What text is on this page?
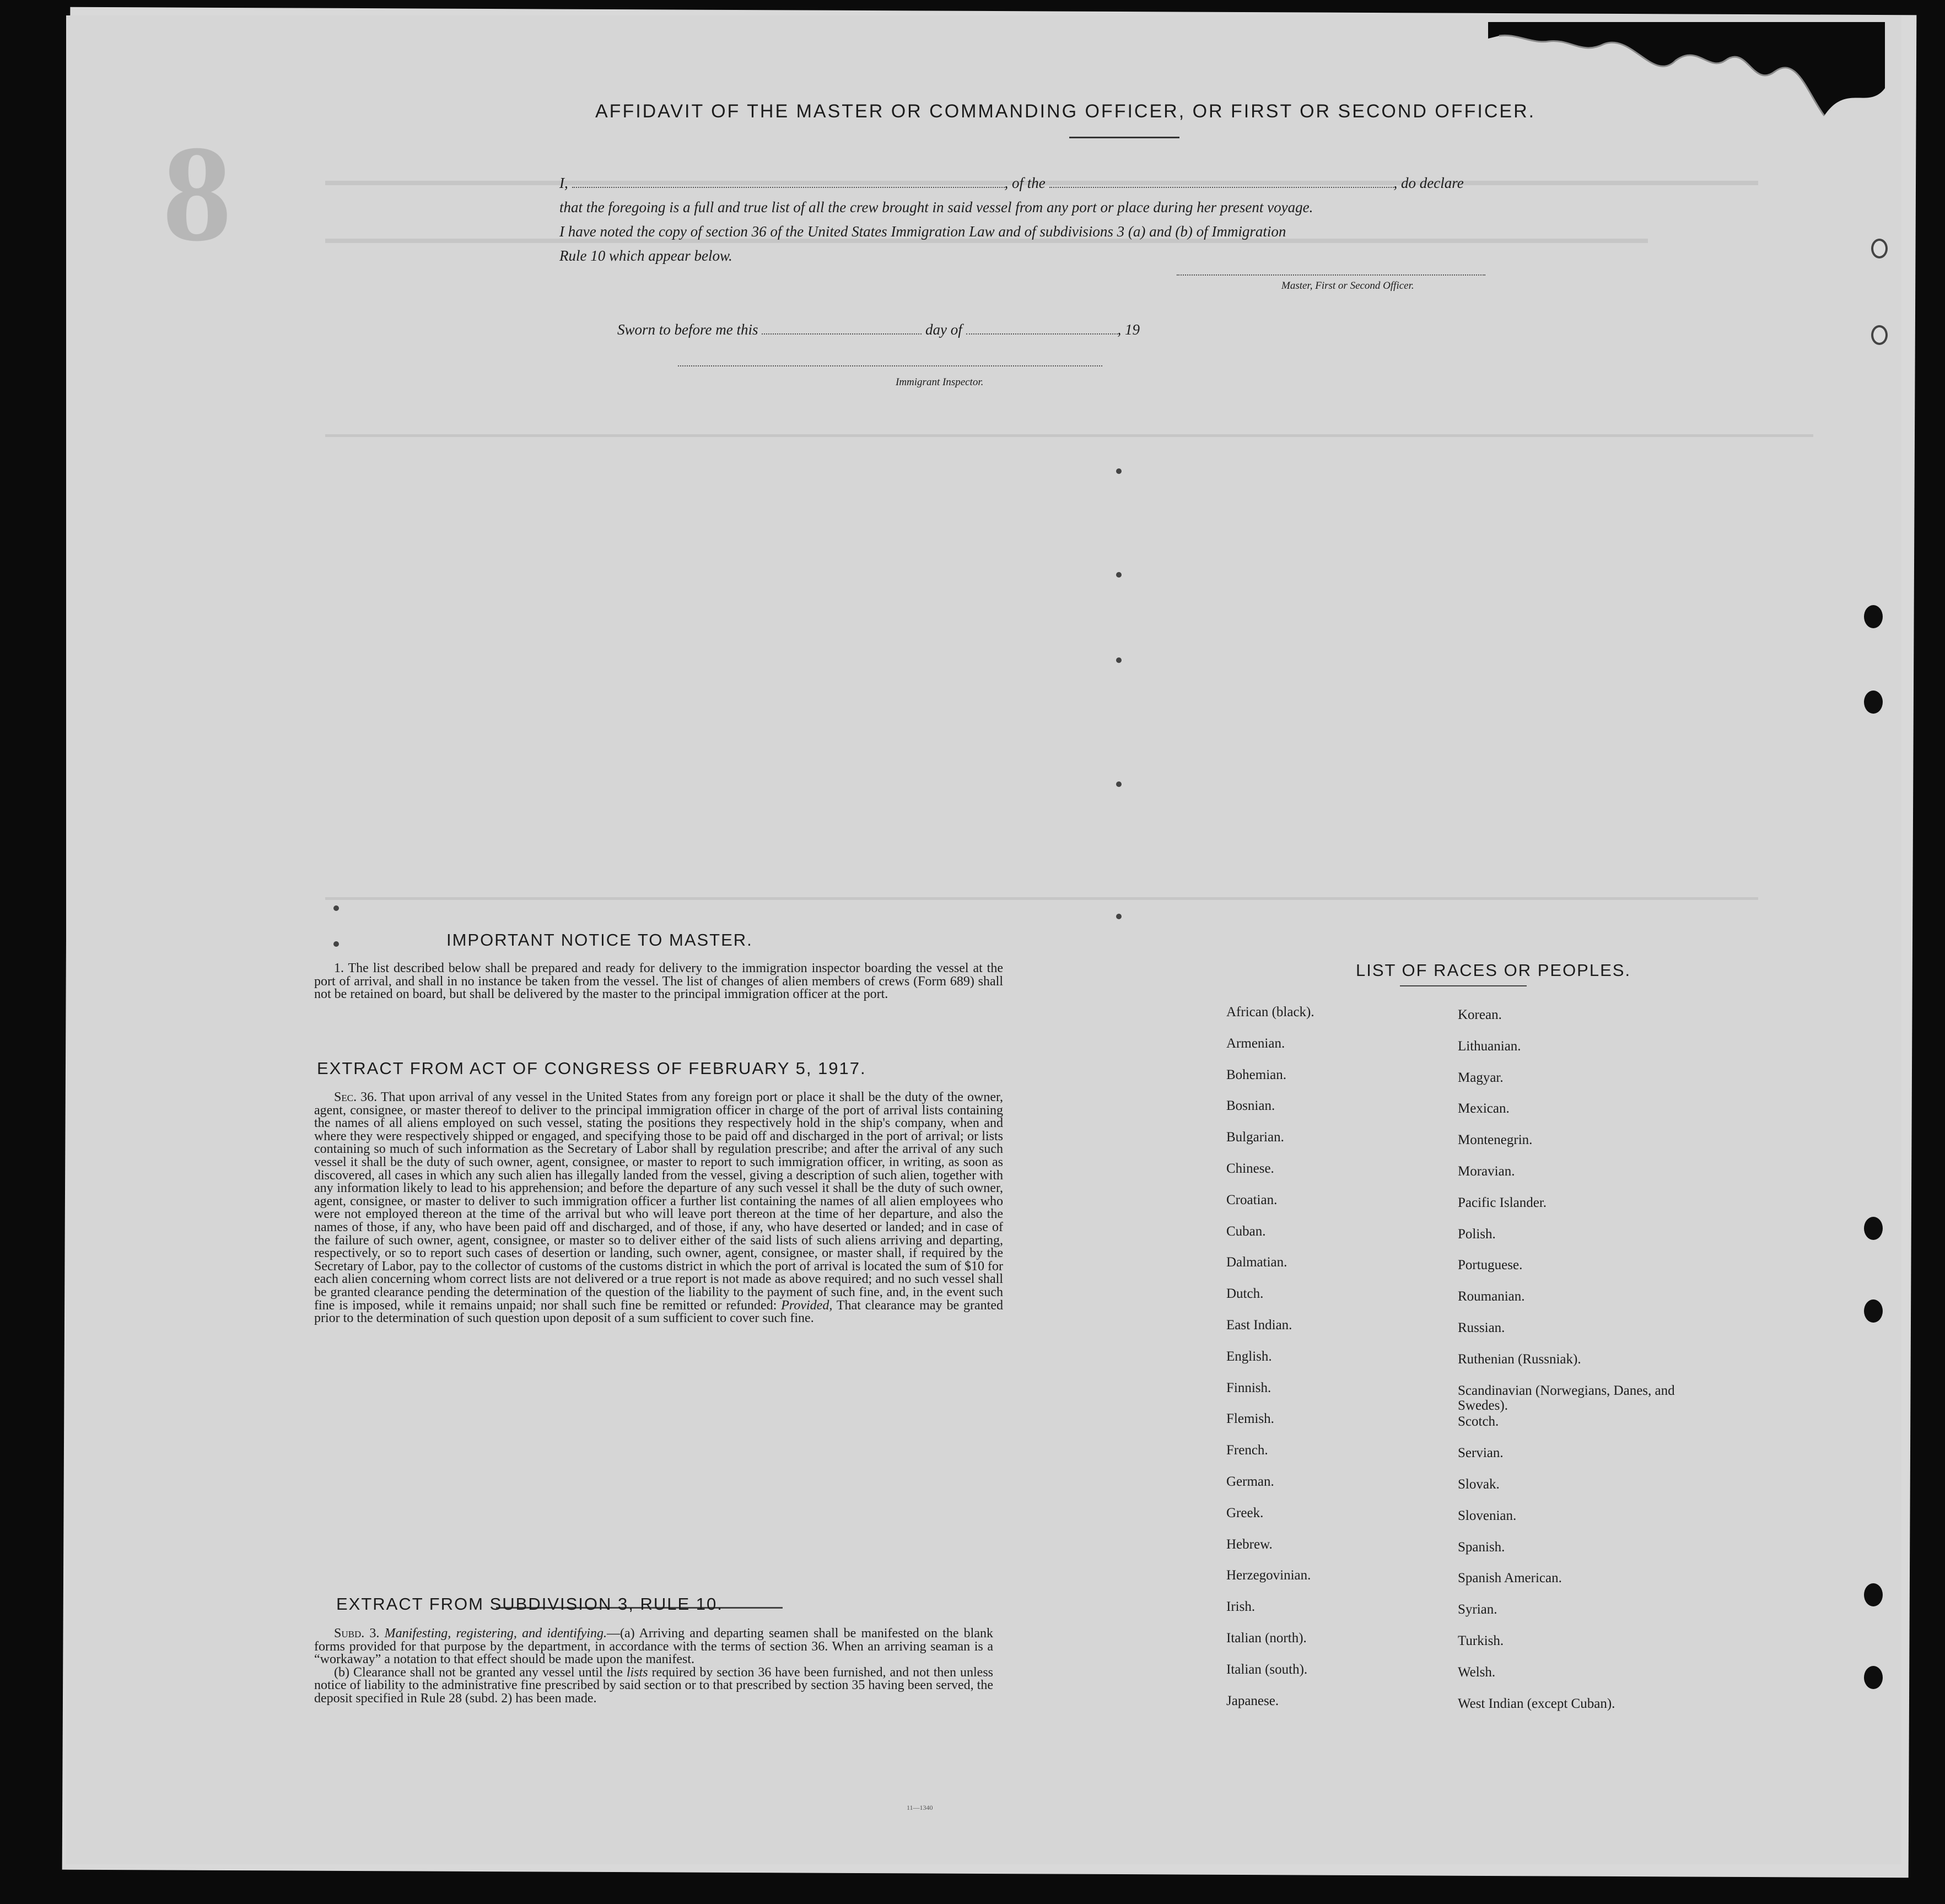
8
AFFIDAVIT OF THE MASTER OR COMMANDING OFFICER, OR FIRST OR SECOND OFFICER.
I,	, of the	, do declare
that the foregoing is a full and true list of all the crew brought in said vessel from any port or place during her present voyage.
I have noted the copy of section 36 of the United States Immigration Law and of subdivisions 3 (a) and (b) of Immigration
Rule 10 which appear below.
Master, First or Second Officer.
Sworn to before me this	day of	, 19
Immigrant Inspector.
IMPORTANT NOTICE TO MASTER.

1. The list described below shall be prepared and ready for delivery to the immigration inspector boarding the vessel at the port of arrival, and shall in no instance be taken from the vessel. The list of changes of alien members of crews (Form 689) shall not be retained on board, but shall be delivered by the master to the principal immigration officer at the port.

EXTRACT FROM ACT OF CONGRESS OF FEBRUARY 5, 1917.

Sec. 36. That upon arrival of any vessel in the United States from any foreign port or place it shall be the duty of the owner, agent, consignee, or master thereof to deliver to the principal immigration officer in charge of the port of arrival lists containing the names of all aliens employed on such vessel, stating the positions they respectively hold in the ship's company, when and where they were respectively shipped or engaged, and specifying those to be paid off and discharged in the port of arrival; or lists containing so much of such information as the Secretary of Labor shall by regulation prescribe; and after the arrival of any such vessel it shall be the duty of such owner, agent, consignee, or master to report to such immigration officer, in writing, as soon as discovered, all cases in which any such alien has illegally landed from the vessel, giving a description of such alien, together with any information likely to lead to his apprehension; and before the departure of any such vessel it shall be the duty of such owner, agent, consignee, or master to deliver to such immigration officer a further list containing the names of all alien employees who were not employed thereon at the time of the arrival but who will leave port thereon at the time of her departure, and also the names of those, if any, who have been paid off and discharged, and of those, if any, who have deserted or landed; and in case of the failure of such owner, agent, consignee, or master so to deliver either of the said lists of such aliens arriving and departing, respectively, or so to report such cases of desertion or landing, such owner, agent, consignee, or master shall, if required by the Secretary of Labor, pay to the collector of customs of the customs district in which the port of arrival is located the sum of $10 for each alien concerning whom correct lists are not delivered or a true report is not made as above required; and no such vessel shall be granted clearance pending the determination of the question of the liability to the payment of such fine, and, in the event such fine is imposed, while it remains unpaid; nor shall such fine be remitted or refunded: Provided, That clearance may be granted prior to the determination of such question upon deposit of a sum sufficient to cover such fine.

EXTRACT FROM SUBDIVISION 3, RULE 10.

Subd. 3. Manifesting, registering, and identifying.—(a) Arriving and departing seamen shall be manifested on the blank forms provided for that purpose by the department, in accordance with the terms of section 36. When an arriving seaman is a “workaway” a notation to that effect should be made upon the manifest.

(b) Clearance shall not be granted any vessel until the lists required by section 36 have been furnished, and not then unless notice of liability to the administrative fine prescribed by said section or to that prescribed by section 35 having been served, the deposit specified in Rule 28 (subd. 2) has been made.

11—1340
LIST OF RACES OR PEOPLES.
African (black).
Armenian.
Bohemian.
Bosnian.
Bulgarian.
Chinese.
Croatian.
Cuban.
Dalmatian.
Dutch.
East Indian.
English.
Finnish.
Flemish.
French.
German.
Greek.
Hebrew.
Herzegovinian.
Irish.
Italian (north).
Italian (south).
Japanese.
Korean.
Lithuanian.
Magyar.
Mexican.
Montenegrin.
Moravian.
Pacific Islander.
Polish.
Portuguese.
Roumanian.
Russian.
Ruthenian (Russniak).
Scandinavian (Norwegians, Danes, and Swedes).
Scotch.
Servian.
Slovak.
Slovenian.
Spanish.
Spanish American.
Syrian.
Turkish.
Welsh.
West Indian (except Cuban).
